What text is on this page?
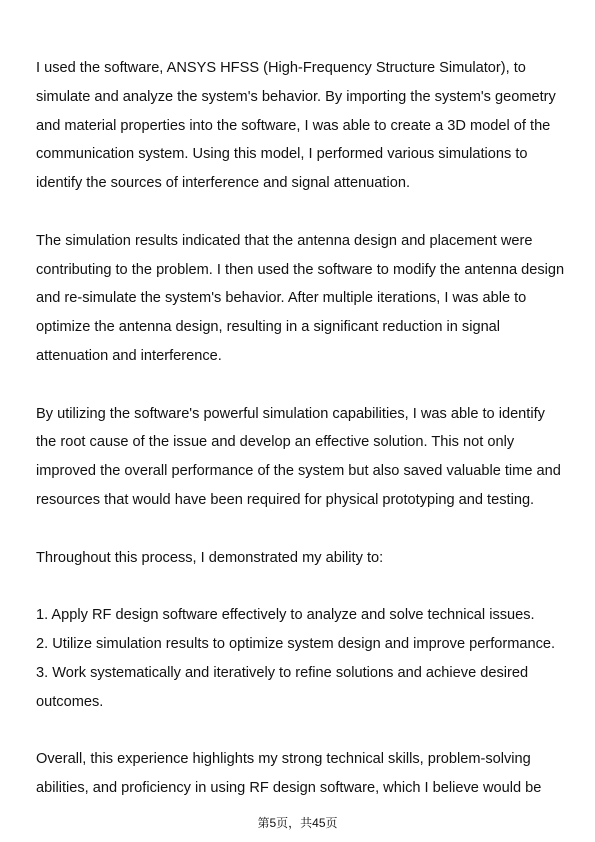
I used the software, ANSYS HFSS (High-Frequency Structure Simulator), to
simulate and analyze the system's behavior. By importing the system's geometry
and material properties into the software, I was able to create a 3D model of the
communication system. Using this model, I performed various simulations to
identify the sources of interference and signal attenuation.
The simulation results indicated that the antenna design and placement were
contributing to the problem. I then used the software to modify the antenna design
and re-simulate the system's behavior. After multiple iterations, I was able to
optimize the antenna design, resulting in a significant reduction in signal
attenuation and interference.
By utilizing the software's powerful simulation capabilities, I was able to identify
the root cause of the issue and develop an effective solution. This not only
improved the overall performance of the system but also saved valuable time and
resources that would have been required for physical prototyping and testing.
Throughout this process, I demonstrated my ability to:
1. Apply RF design software effectively to analyze and solve technical issues.
2. Utilize simulation results to optimize system design and improve performance.
3. Work systematically and iteratively to refine solutions and achieve desired
outcomes.
Overall, this experience highlights my strong technical skills, problem-solving
abilities, and proficiency in using RF design software, which I believe would be
第5页，共45页
